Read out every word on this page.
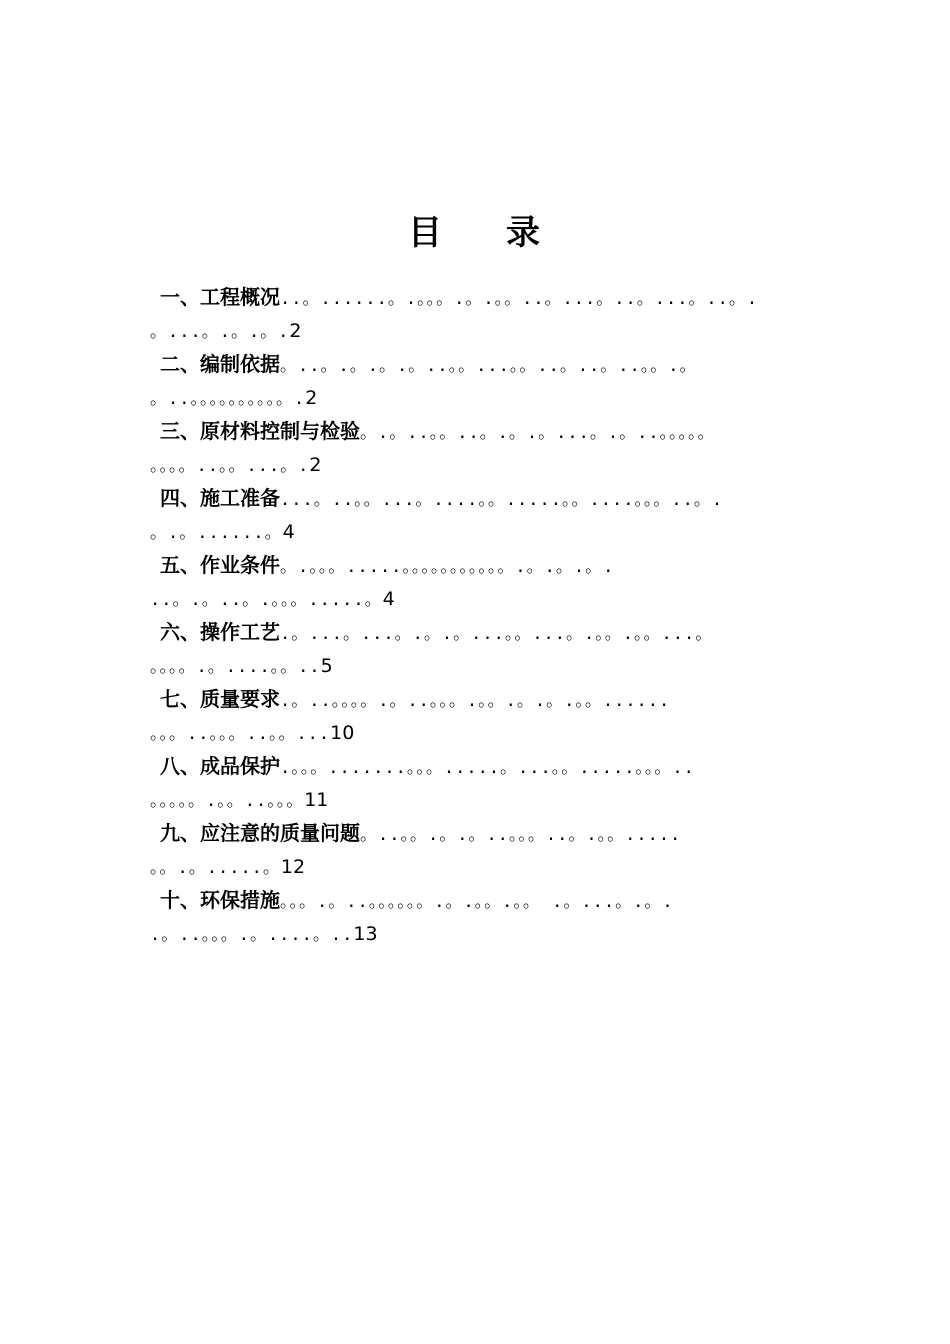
目 录
一、工程概况..。......。.。。。.。.。。..。...。..。...。..。.
。...。.。.。.2
二、编制依据。..。.。.。.。..。。...。。..。..。..。。.。
。..。。。。。。。。。。.2
三、原材料控制与检验。.。..。。..。.。.。...。.。..。。。。。
。。。。..。。...。.2
四、施工准备...。..。。...。....。。.....。。....。。。..。.
。.。......。4
五、作业条件。.。。。.....。。。。。。。。。。。.。.。.。.
..。.。..。.。。。.....。4
六、操作工艺.。...。...。.。.。...。。...。.。。.。。...。
。。。。.。....。。..5
七、质量要求.。..。。。。.。..。。。.。。.。.。.。。......
。。。..。。。..。。...10
八、成品保护.。。。.......。。。.....。...。。.....。。。..
。。。。。.。。..。。。11
九、应注意的质量问题。..。。.。.。..。。。..。.。。.....
。。.。.....。12
十、环保措施。。。.。..。。。。。。.。.。。.。。 .。...。.。.
.。..。。。.。....。..13
